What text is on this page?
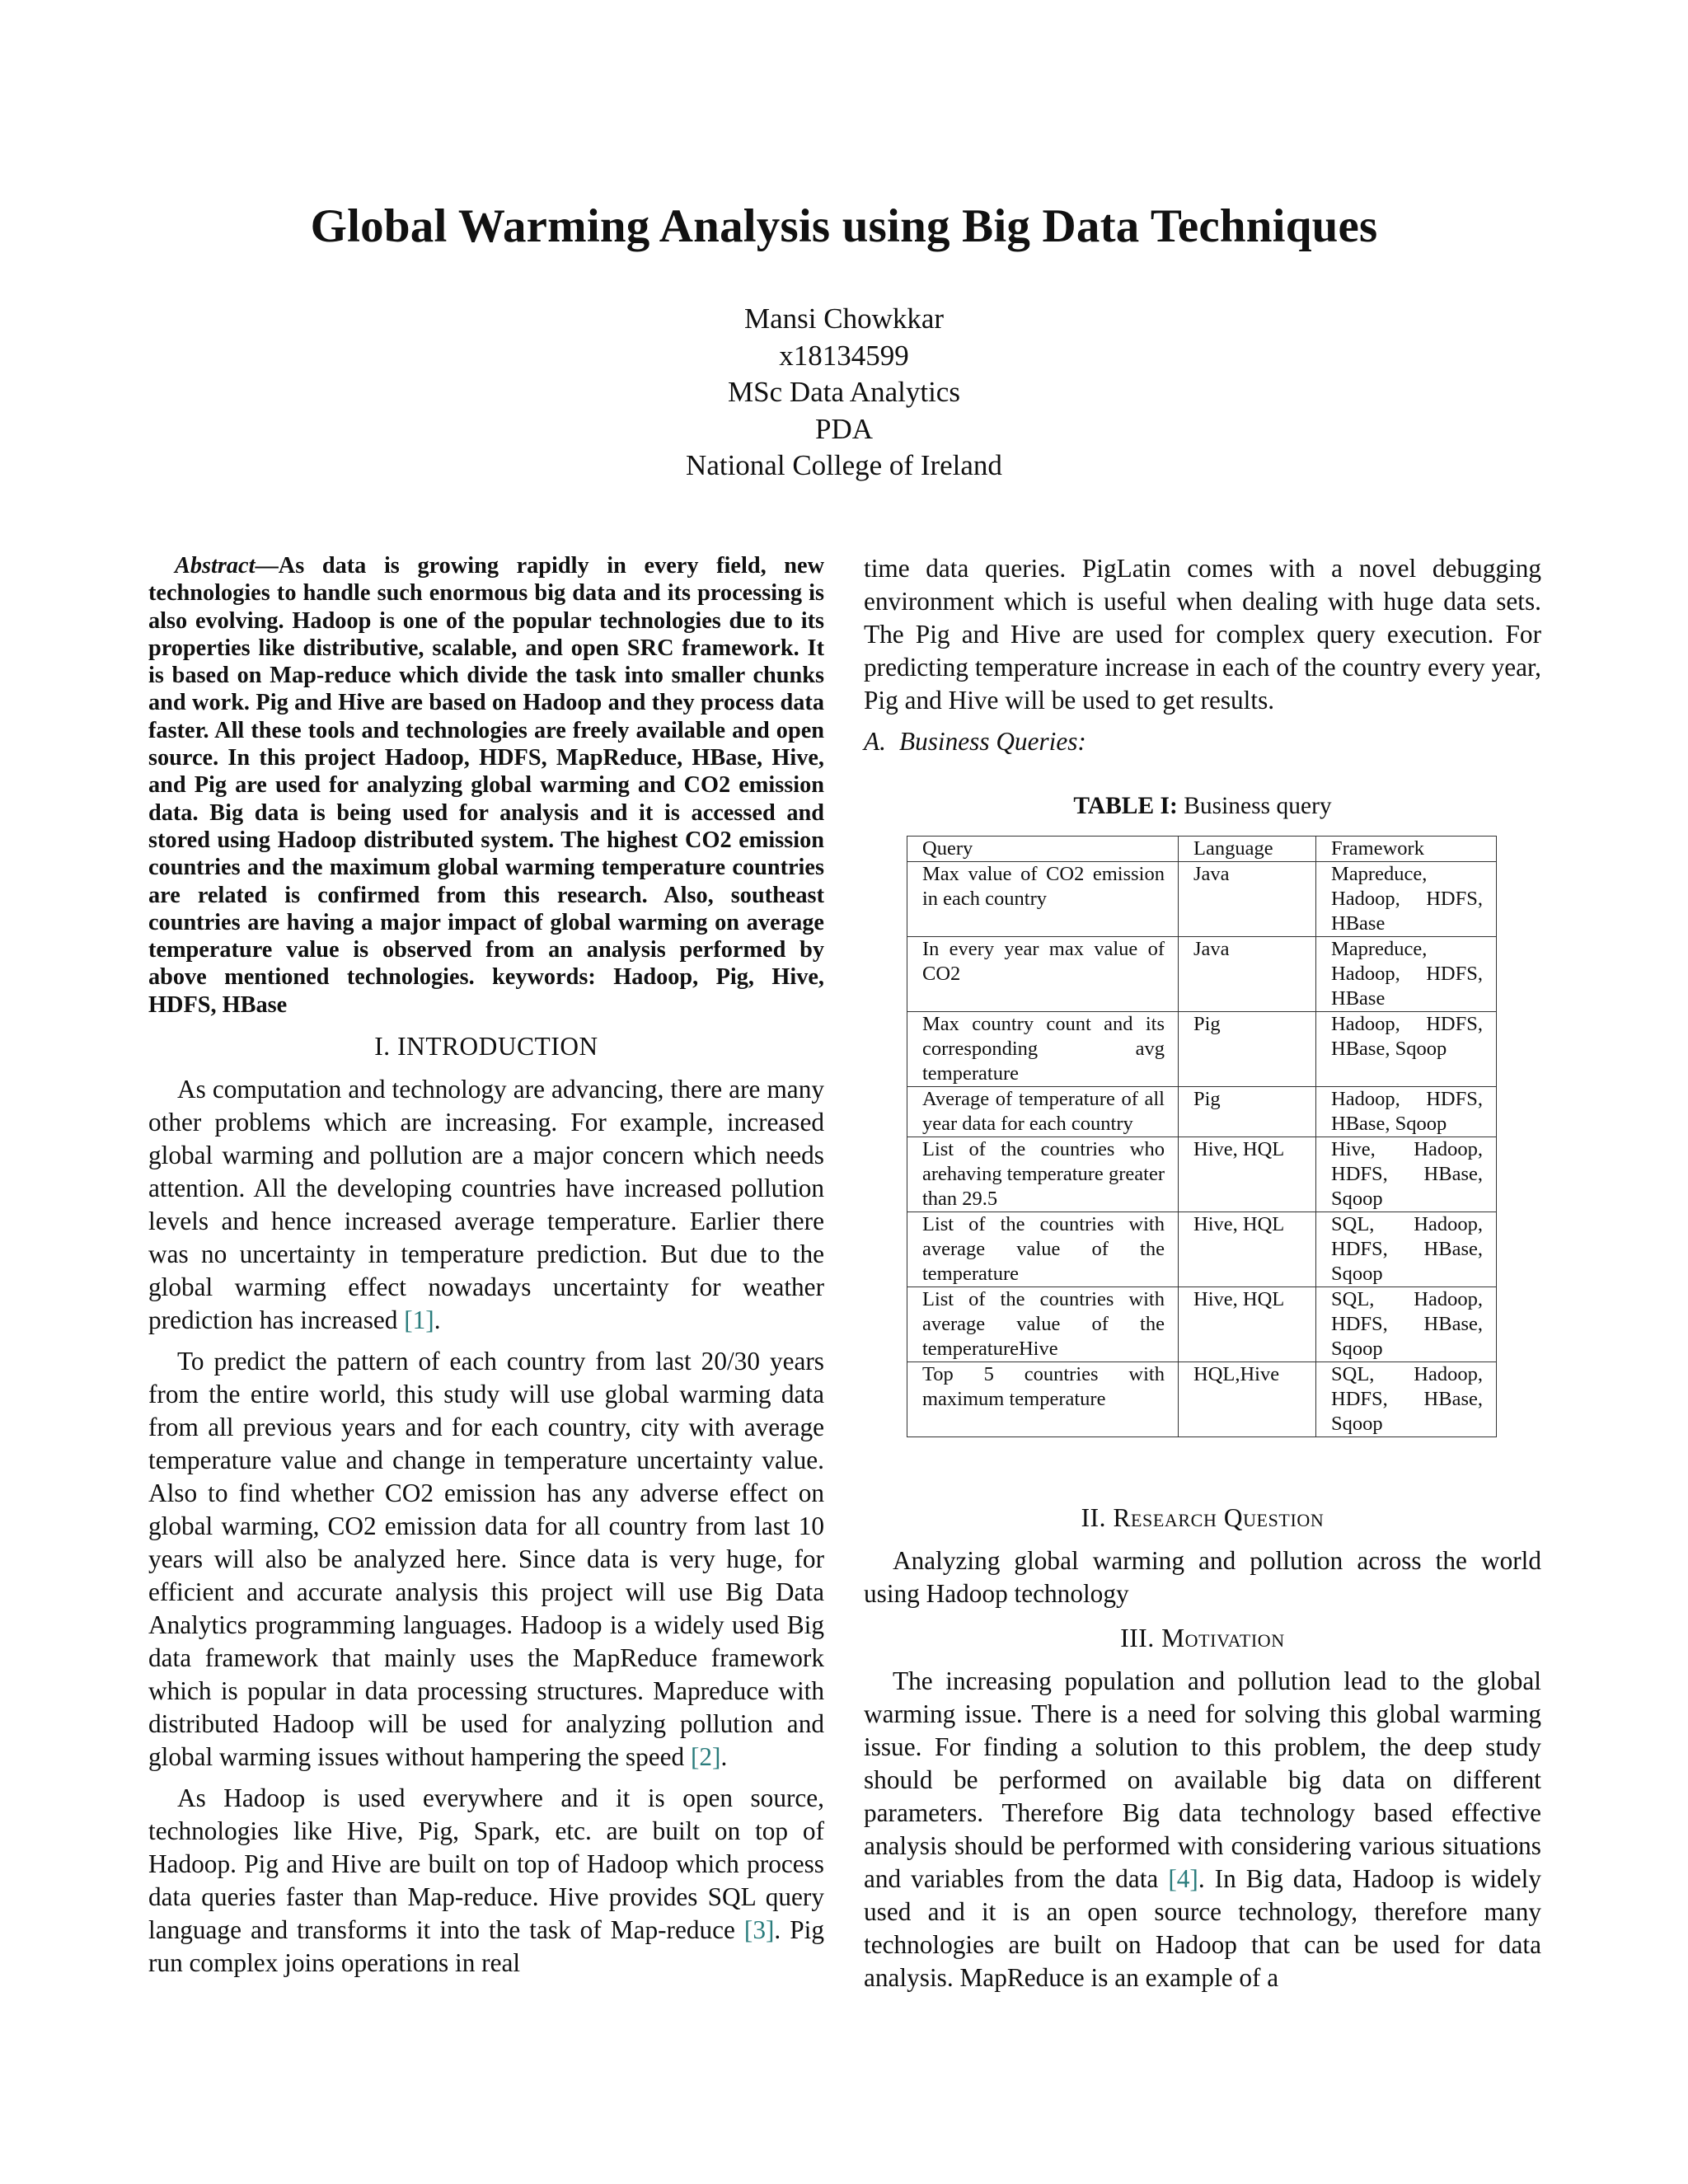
Global Warming Analysis using Big Data Techniques
Mansi Chowkkar
x18134599
MSc Data Analytics
PDA
National College of Ireland
Abstract—As data is growing rapidly in every field, new technologies to handle such enormous big data and its processing is also evolving. Hadoop is one of the popular technologies due to its properties like distributive, scalable, and open SRC framework. It is based on Map-reduce which divide the task into smaller chunks and work. Pig and Hive are based on Hadoop and they process data faster. All these tools and technologies are freely available and open source. In this project Hadoop, HDFS, MapReduce, HBase, Hive, and Pig are used for analyzing global warming and CO2 emission data. Big data is being used for analysis and it is accessed and stored using Hadoop distributed system. The highest CO2 emission countries and the maximum global warming temperature countries are related is confirmed from this research. Also, southeast countries are having a major impact of global warming on average temperature value is observed from an analysis performed by above mentioned technologies. keywords: Hadoop, Pig, Hive, HDFS, HBase
I. INTRODUCTION

As computation and technology are advancing, there are many other problems which are increasing. For example, increased global warming and pollution are a major concern which needs attention. All the developing countries have increased pollution levels and hence increased average temperature. Earlier there was no uncertainty in temperature prediction. But due to the global warming effect nowadays uncertainty for weather prediction has increased [1].

To predict the pattern of each country from last 20/30 years from the entire world, this study will use global warming data from all previous years and for each country, city with average temperature value and change in temperature uncertainty value. Also to find whether CO2 emission has any adverse effect on global warming, CO2 emission data for all country from last 10 years will also be analyzed here. Since data is very huge, for efficient and accurate analysis this project will use Big Data Analytics programming languages. Hadoop is a widely used Big data framework that mainly uses the MapReduce framework which is popular in data processing structures. Mapreduce with distributed Hadoop will be used for analyzing pollution and global warming issues without hampering the speed [2].

As Hadoop is used everywhere and it is open source, technologies like Hive, Pig, Spark, etc. are built on top of Hadoop. Pig and Hive are built on top of Hadoop which process data queries faster than Map-reduce. Hive provides SQL query language and transforms it into the task of Map-reduce [3]. Pig run complex joins operations in real

time data queries. PigLatin comes with a novel debugging environment which is useful when dealing with huge data sets. The Pig and Hive are used for complex query execution. For predicting temperature increase in each of the country every year, Pig and Hive will be used to get results.

A. Business Queries:
TABLE I: Business query
Query	Language	Framework
Max value of CO2 emission in each country	Java	Mapreduce, Hadoop, HDFS, HBase
In every year max value of CO2	Java	Mapreduce, Hadoop, HDFS, HBase
Max country count and its corresponding avg temperature	Pig	Hadoop, HDFS, HBase, Sqoop
Average of temperature of all year data for each country	Pig	Hadoop, HDFS, HBase, Sqoop
List of the countries who arehaving temperature greater than 29.5	Hive, HQL	Hive, Hadoop, HDFS, HBase, Sqoop
List of the countries with average value of the temperature	Hive, HQL	SQL, Hadoop, HDFS, HBase, Sqoop
List of the countries with average value of the temperatureHive	Hive, HQL	SQL, Hadoop, HDFS, HBase, Sqoop
Top 5 countries with maximum temperature	HQL,Hive	SQL, Hadoop, HDFS, HBase, Sqoop
II. Research Question

Analyzing global warming and pollution across the world using Hadoop technology

III. Motivation

The increasing population and pollution lead to the global warming issue. There is a need for solving this global warming issue. For finding a solution to this problem, the deep study should be performed on available big data on different parameters. Therefore Big data technology based effective analysis should be performed with considering various situations and variables from the data [4]. In Big data, Hadoop is widely used and it is an open source technology, therefore many technologies are built on Hadoop that can be used for data analysis. MapReduce is an example of a
